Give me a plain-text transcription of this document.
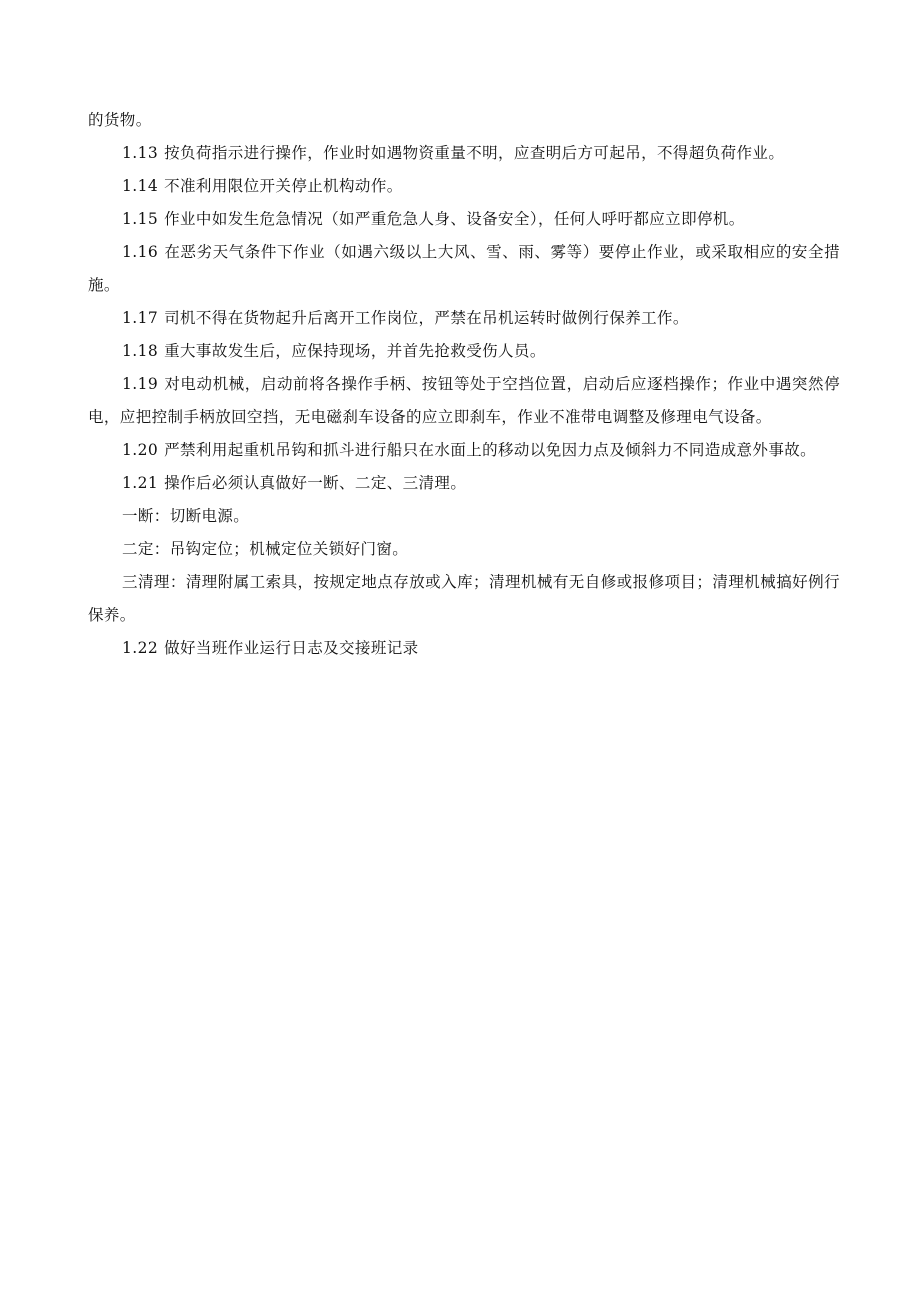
的货物。

1.13 按负荷指示进行操作，作业时如遇物资重量不明，应查明后方可起吊，不得超负荷作业。

1.14 不准利用限位开关停止机构动作。

1.15 作业中如发生危急情况（如严重危急人身、设备安全），任何人呼吁都应立即停机。

1.16 在恶劣天气条件下作业（如遇六级以上大风、雪、雨、雾等）要停止作业，或采取相应的安全措施。

1.17 司机不得在货物起升后离开工作岗位，严禁在吊机运转时做例行保养工作。

1.18 重大事故发生后，应保持现场，并首先抢救受伤人员。

1.19 对电动机械，启动前将各操作手柄、按钮等处于空挡位置，启动后应逐档操作；作业中遇突然停电，应把控制手柄放回空挡，无电磁刹车设备的应立即刹车，作业不准带电调整及修理电气设备。

1.20 严禁利用起重机吊钩和抓斗进行船只在水面上的移动以免因力点及倾斜力不同造成意外事故。

1.21 操作后必须认真做好一断、二定、三清理。

一断：切断电源。

二定：吊钩定位；机械定位关锁好门窗。

三清理：清理附属工索具，按规定地点存放或入库；清理机械有无自修或报修项目；清理机械搞好例行保养。

1.22 做好当班作业运行日志及交接班记录
